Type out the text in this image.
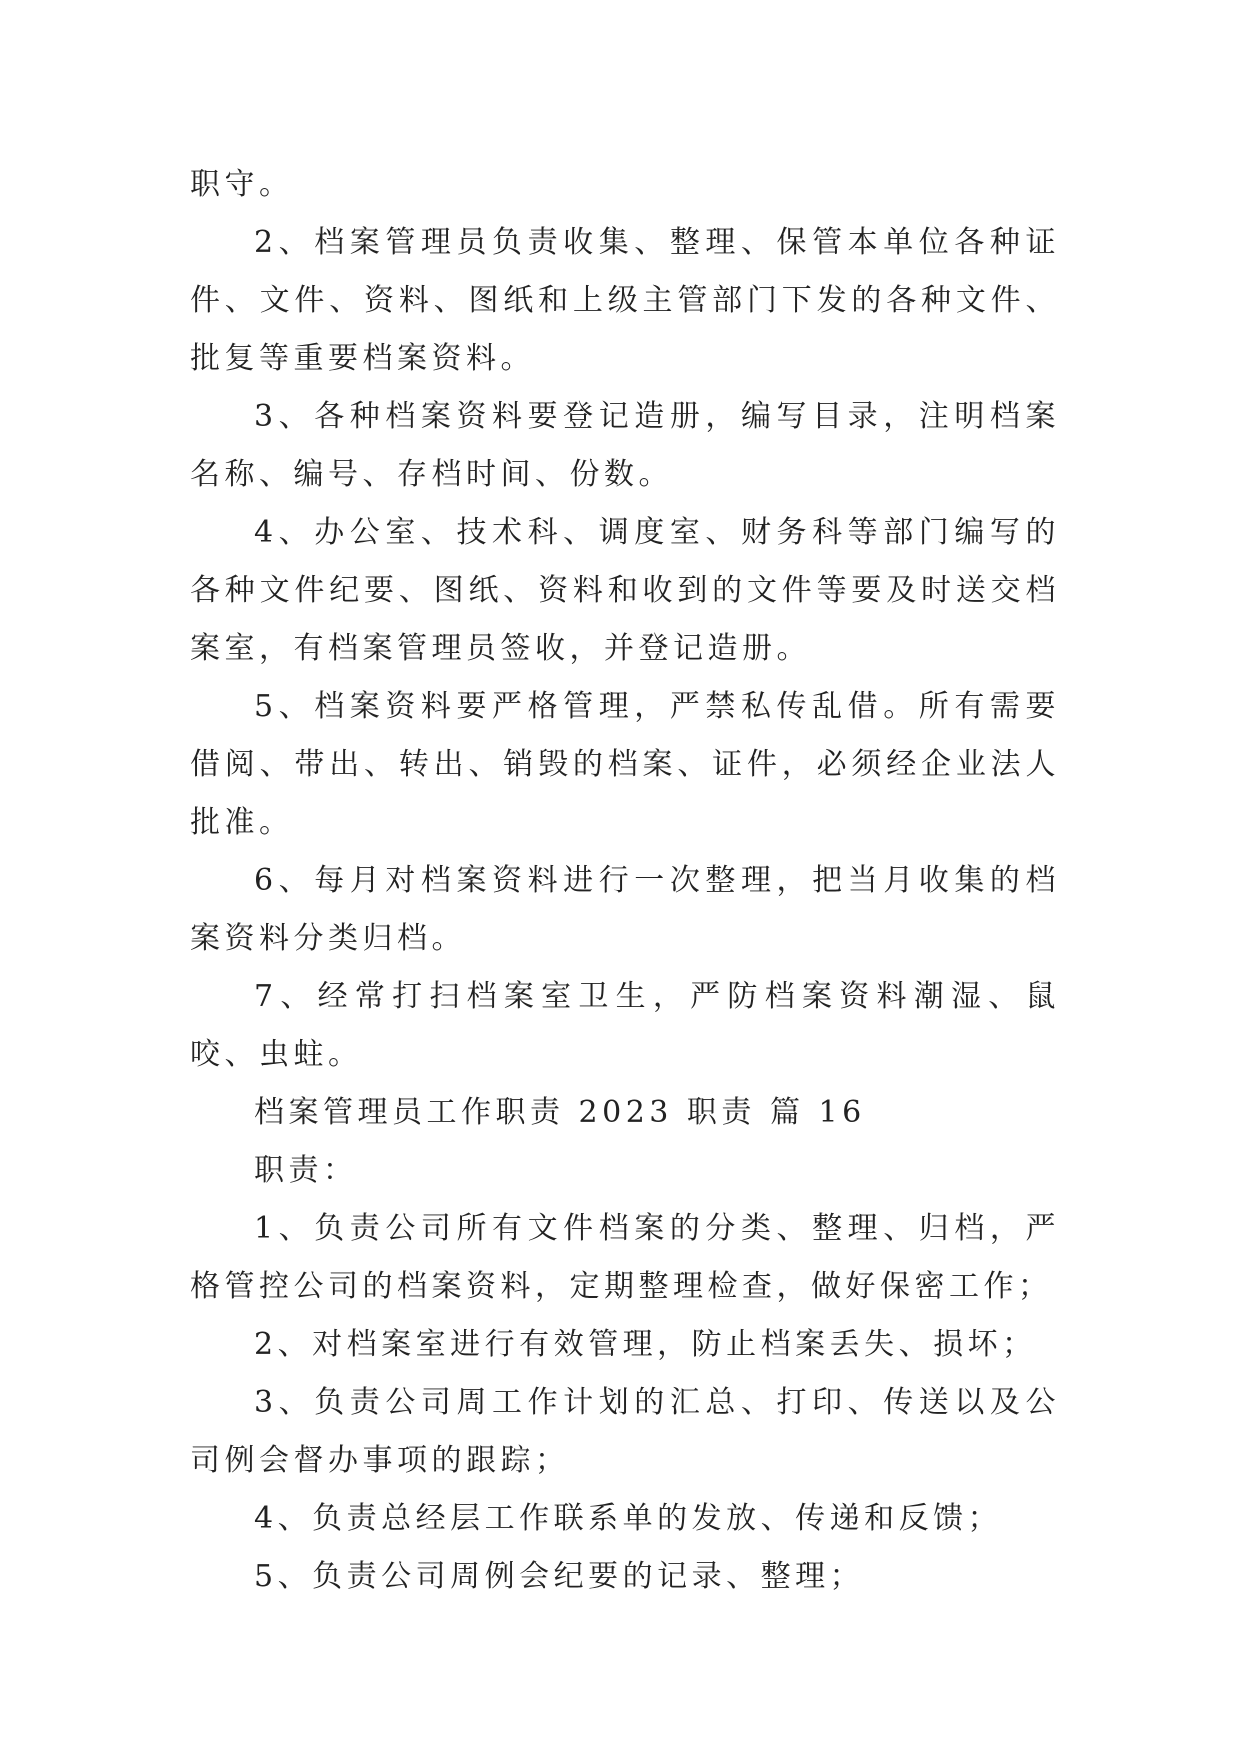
职守。

2、档案管理员负责收集、整理、保管本单位各种证件、文件、资料、图纸和上级主管部门下发的各种文件、批复等重要档案资料。

3、各种档案资料要登记造册，编写目录，注明档案名称、编号、存档时间、份数。

4、办公室、技术科、调度室、财务科等部门编写的各种文件纪要、图纸、资料和收到的文件等要及时送交档案室，有档案管理员签收，并登记造册。

5、档案资料要严格管理，严禁私传乱借。所有需要借阅、带出、转出、销毁的档案、证件，必须经企业法人批准。

6、每月对档案资料进行一次整理，把当月收集的档案资料分类归档。

7、经常打扫档案室卫生，严防档案资料潮湿、鼠咬、虫蛀。

档案管理员工作职责 2023 职责 篇 16

职责：

1、负责公司所有文件档案的分类、整理、归档，严格管控公司的档案资料，定期整理检查，做好保密工作；

2、对档案室进行有效管理，防止档案丢失、损坏；

3、负责公司周工作计划的汇总、打印、传送以及公司例会督办事项的跟踪；

4、负责总经层工作联系单的发放、传递和反馈；

5、负责公司周例会纪要的记录、整理；
